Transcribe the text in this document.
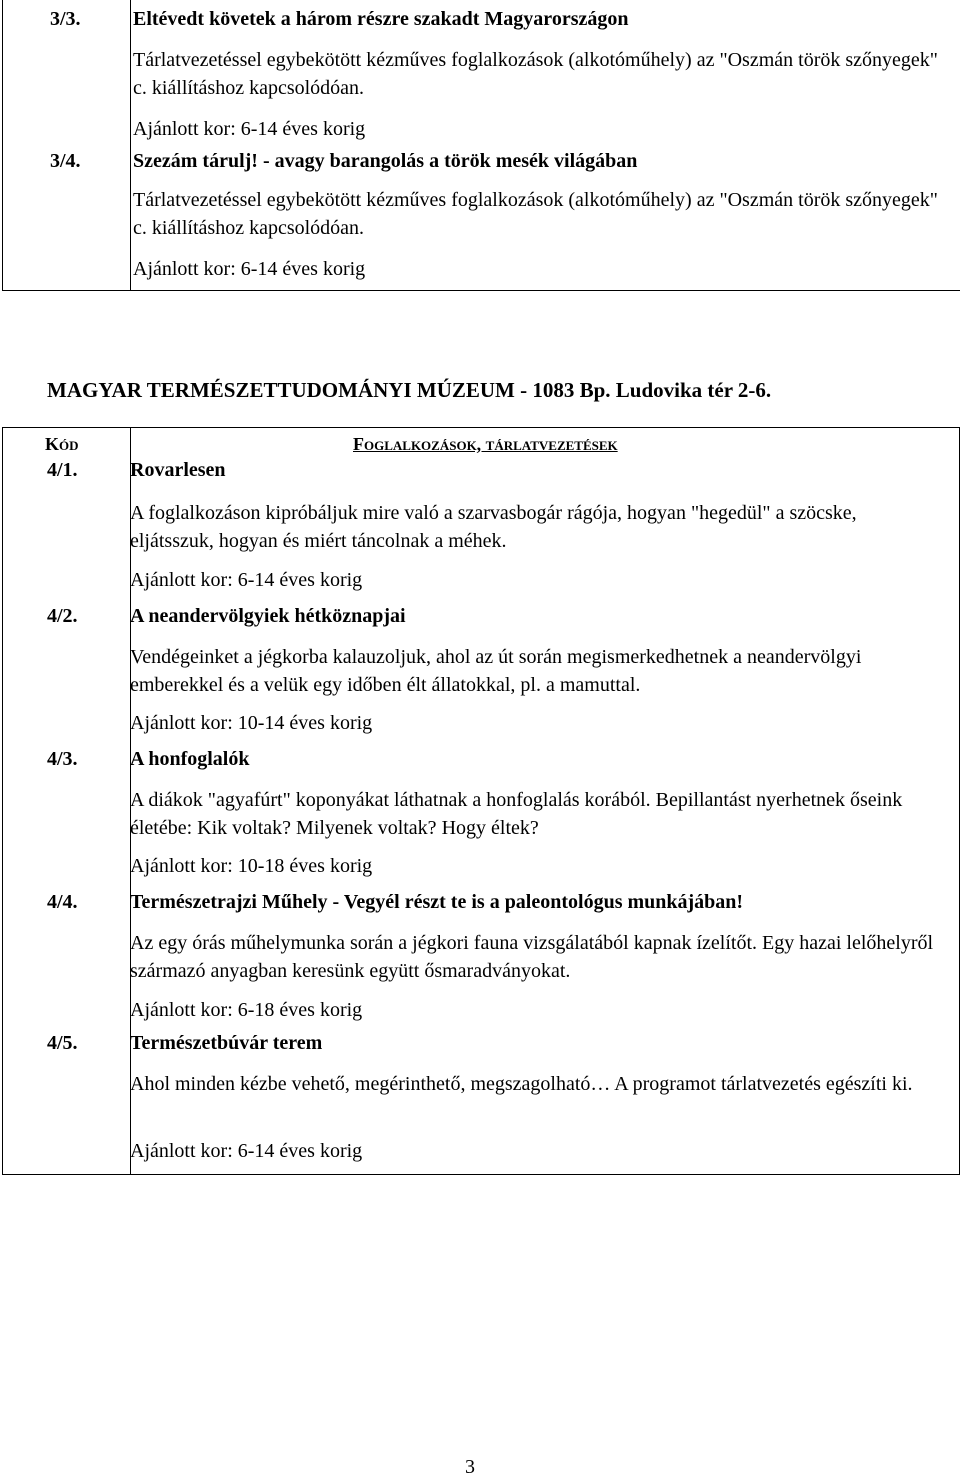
3/3.	Eltévedt követek a három részre szakadt Magyarországon
Tárlatvezetéssel egybekötött kézműves foglalkozások (alkotóműhely) az "Oszmán török szőnyegek" c. kiállításhoz kapcsolódóan.
Ajánlott kor: 6-14 éves korig
3/4.	Szezám tárulj! - avagy barangolás a török mesék világában
Tárlatvezetéssel egybekötött kézműves foglalkozások (alkotóműhely) az "Oszmán török szőnyegek" c. kiállításhoz kapcsolódóan.
Ajánlott kor: 6-14 éves korig
MAGYAR TERMÉSZETTUDOMÁNYI MÚZEUM - 1083 Bp. Ludovika tér 2-6.
Kód	Foglalkozások, tárlatvezetések
4/1.	Rovarlesen
A foglalkozáson kipróbáljuk mire való a szarvasbogár rágója, hogyan "hegedül" a szöcske, eljátsszuk, hogyan és miért táncolnak a méhek.
Ajánlott kor: 6-14 éves korig
4/2.	A neandervölgyiek hétköznapjai
Vendégeinket a jégkorba kalauzoljuk, ahol az út során megismerkedhetnek a neandervölgyi emberekkel és a velük egy időben élt állatokkal, pl. a mamuttal.
Ajánlott kor: 10-14 éves korig
4/3.	A honfoglalók
A diákok "agyafúrt" koponyákat láthatnak a honfoglalás korából. Bepillantást nyerhetnek őseink életébe: Kik voltak? Milyenek voltak? Hogy éltek?
Ajánlott kor: 10-18 éves korig
4/4.	Természetrajzi Műhely - Vegyél részt te is a paleontológus munkájában!
Az egy órás műhelymunka során a jégkori fauna vizsgálatából kapnak ízelítőt. Egy hazai lelőhelyről származó anyagban keresünk együtt ősmaradványokat.
Ajánlott kor: 6-18 éves korig
4/5.	Természetbúvár terem
Ahol minden kézbe vehető, megérinthető, megszagolható… A programot tárlatvezetés egészíti ki.
Ajánlott kor: 6-14 éves korig
3
